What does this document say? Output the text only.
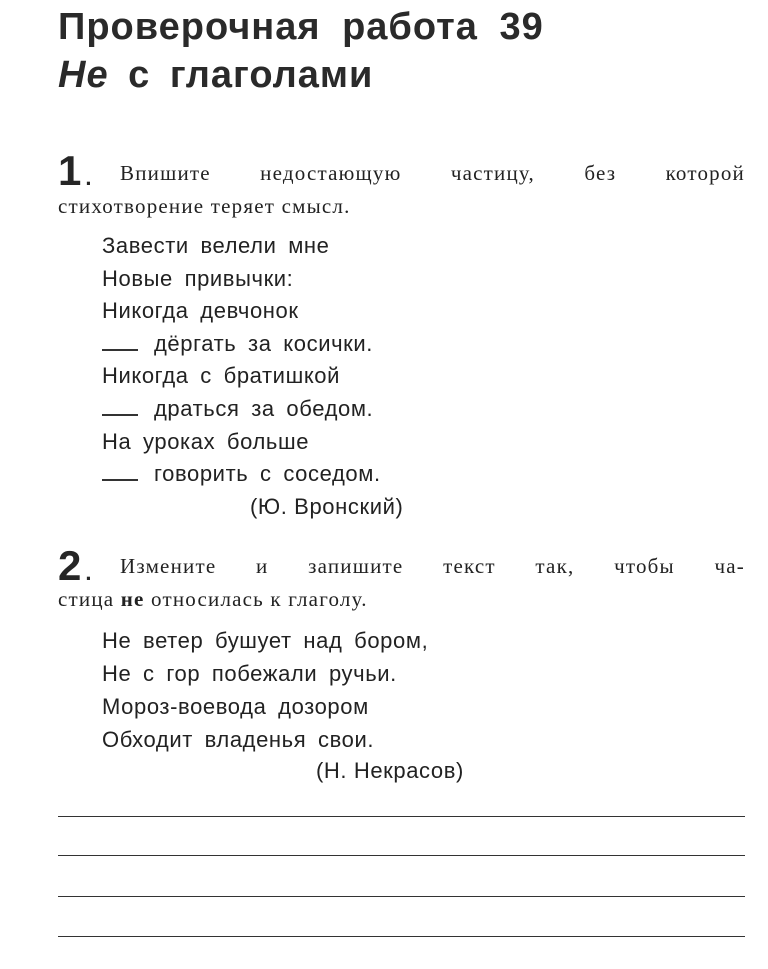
Проверочная работа 39
Не с глаголами
1 .	Впишите недостающую частицу, без которой
стихотворение теряет смысл.
Завести велели мне
Новые привычки:
Никогда девчонок
дёргать за косички.
Никогда с братишкой
драться за обедом.
На уроках больше
говорить с соседом.
(Ю. Вронский)
2 .	Измените и запишите текст так, чтобы ча-
стица не относилась к глаголу.
Не ветер бушует над бором,
Не с гор побежали ручьи.
Мороз-воевода дозором
Обходит владенья свои.
(Н. Некрасов)
